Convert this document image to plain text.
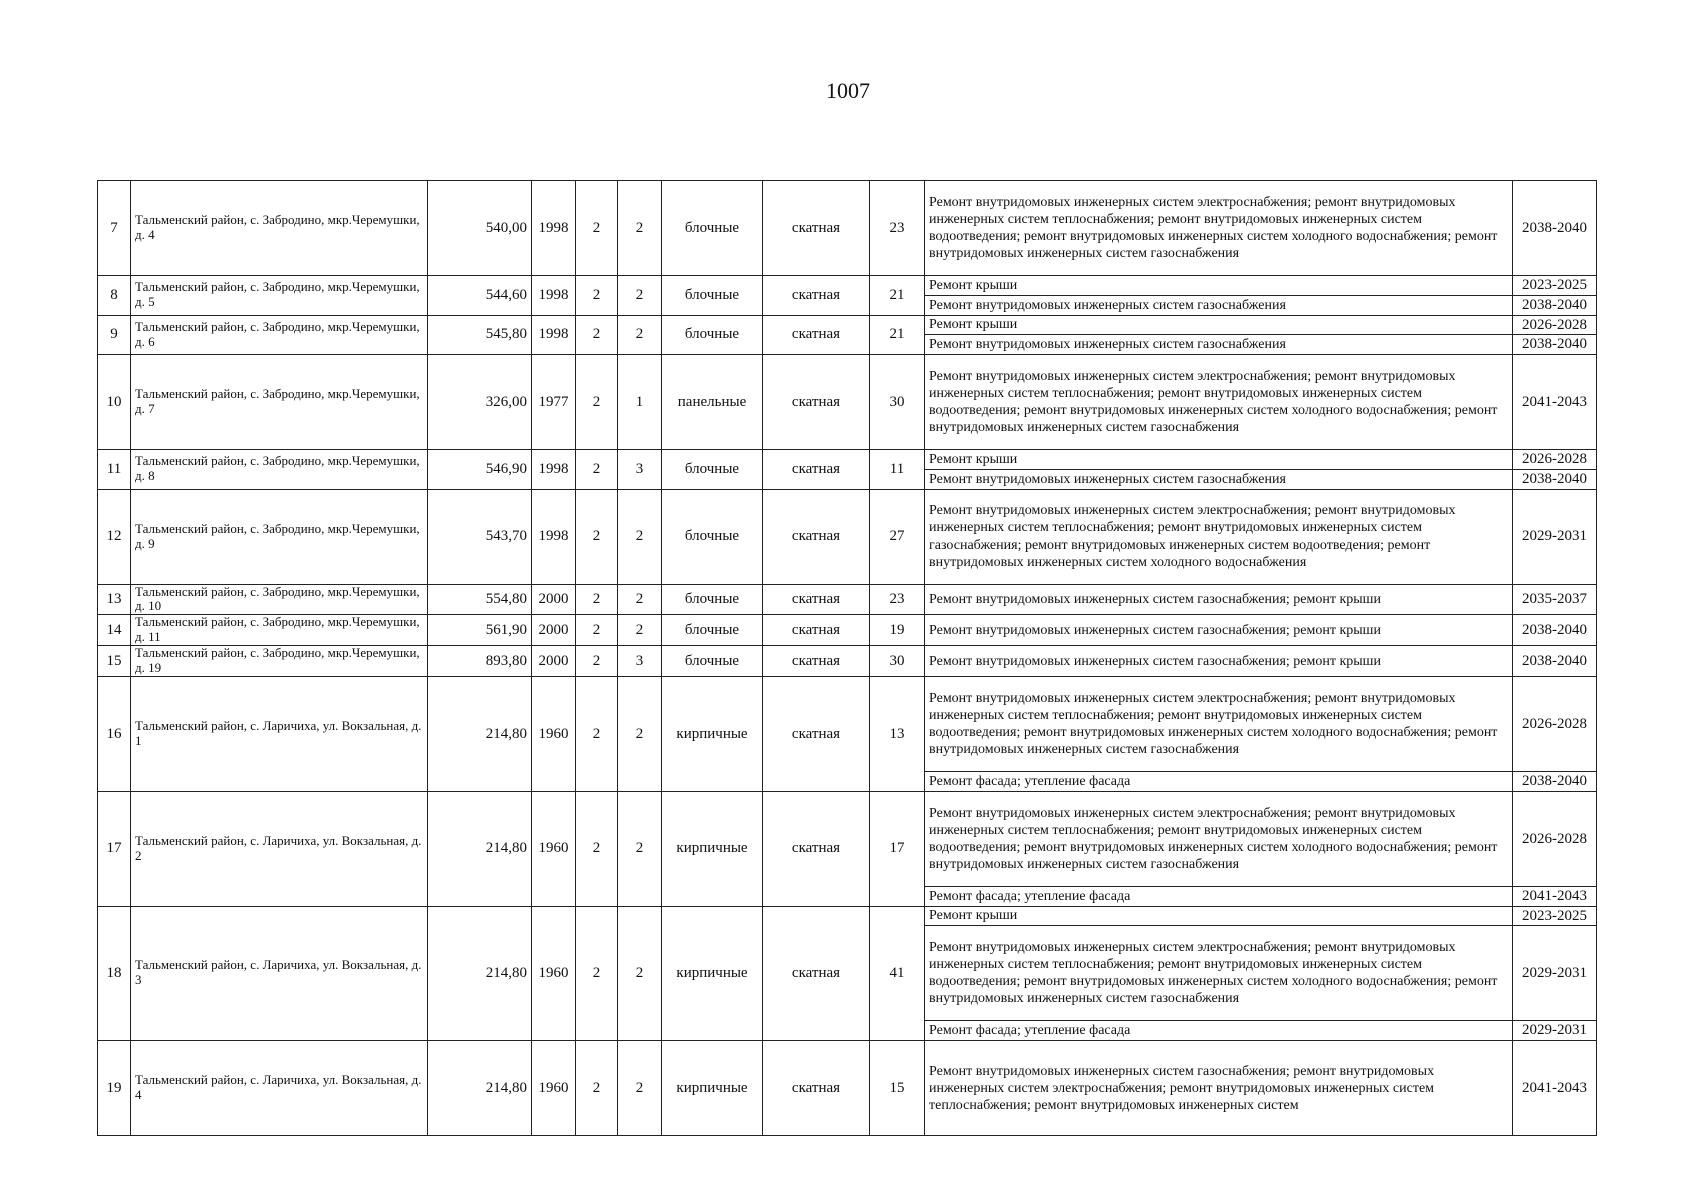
1007
7	Тальменский район, с. Забродино, мкр.Черемушки, д. 4	540,00	1998	2	2	блочные	скатная	23	Ремонт внутридомовых инженерных систем электроснабжения; ремонт внутридомовых инженерных систем теплоснабжения; ремонт внутридомовых инженерных систем водоотведения; ремонт внутридомовых инженерных систем холодного водоснабжения; ремонт внутридомовых инженерных систем газоснабжения	2038-2040
8	Тальменский район, с. Забродино, мкр.Черемушки, д. 5	544,60	1998	2	2	блочные	скатная	21	Ремонт крыши	2023-2025
									Ремонт внутридомовых инженерных систем газоснабжения	2038-2040
9	Тальменский район, с. Забродино, мкр.Черемушки, д. 6	545,80	1998	2	2	блочные	скатная	21	Ремонт крыши	2026-2028
									Ремонт внутридомовых инженерных систем газоснабжения	2038-2040
10	Тальменский район, с. Забродино, мкр.Черемушки, д. 7	326,00	1977	2	1	панельные	скатная	30	Ремонт внутридомовых инженерных систем электроснабжения; ремонт внутридомовых инженерных систем теплоснабжения; ремонт внутридомовых инженерных систем водоотведения; ремонт внутридомовых инженерных систем холодного водоснабжения; ремонт внутридомовых инженерных систем газоснабжения	2041-2043
11	Тальменский район, с. Забродино, мкр.Черемушки, д. 8	546,90	1998	2	3	блочные	скатная	11	Ремонт крыши	2026-2028
									Ремонт внутридомовых инженерных систем газоснабжения	2038-2040
12	Тальменский район, с. Забродино, мкр.Черемушки, д. 9	543,70	1998	2	2	блочные	скатная	27	Ремонт внутридомовых инженерных систем электроснабжения; ремонт внутридомовых инженерных систем теплоснабжения; ремонт внутридомовых инженерных систем газоснабжения; ремонт внутридомовых инженерных систем водоотведения; ремонт внутридомовых инженерных систем холодного водоснабжения	2029-2031
13	Тальменский район, с. Забродино, мкр.Черемушки, д. 10	554,80	2000	2	2	блочные	скатная	23	Ремонт внутридомовых инженерных систем газоснабжения; ремонт крыши	2035-2037
14	Тальменский район, с. Забродино, мкр.Черемушки, д. 11	561,90	2000	2	2	блочные	скатная	19	Ремонт внутридомовых инженерных систем газоснабжения; ремонт крыши	2038-2040
15	Тальменский район, с. Забродино, мкр.Черемушки, д. 19	893,80	2000	2	3	блочные	скатная	30	Ремонт внутридомовых инженерных систем газоснабжения; ремонт крыши	2038-2040
16	Тальменский район, с. Ларичиха, ул. Вокзальная, д. 1	214,80	1960	2	2	кирпичные	скатная	13	Ремонт внутридомовых инженерных систем электроснабжения; ремонт внутридомовых инженерных систем теплоснабжения; ремонт внутридомовых инженерных систем водоотведения; ремонт внутридомовых инженерных систем холодного водоснабжения; ремонт внутридомовых инженерных систем газоснабжения	2026-2028
									Ремонт фасада; утепление фасада	2038-2040
17	Тальменский район, с. Ларичиха, ул. Вокзальная, д. 2	214,80	1960	2	2	кирпичные	скатная	17	Ремонт внутридомовых инженерных систем электроснабжения; ремонт внутридомовых инженерных систем теплоснабжения; ремонт внутридомовых инженерных систем водоотведения; ремонт внутридомовых инженерных систем холодного водоснабжения; ремонт внутридомовых инженерных систем газоснабжения	2026-2028
									Ремонт фасада; утепление фасада	2041-2043
18	Тальменский район, с. Ларичиха, ул. Вокзальная, д. 3	214,80	1960	2	2	кирпичные	скатная	41	Ремонт крыши	2023-2025
									Ремонт внутридомовых инженерных систем электроснабжения; ремонт внутридомовых инженерных систем теплоснабжения; ремонт внутридомовых инженерных систем водоотведения; ремонт внутридомовых инженерных систем холодного водоснабжения; ремонт внутридомовых инженерных систем газоснабжения	2029-2031
									Ремонт фасада; утепление фасада	2029-2031
19	Тальменский район, с. Ларичиха, ул. Вокзальная, д. 4	214,80	1960	2	2	кирпичные	скатная	15	Ремонт внутридомовых инженерных систем газоснабжения; ремонт внутридомовых инженерных систем электроснабжения; ремонт внутридомовых инженерных систем теплоснабжения; ремонт внутридомовых инженерных систем	2041-2043
